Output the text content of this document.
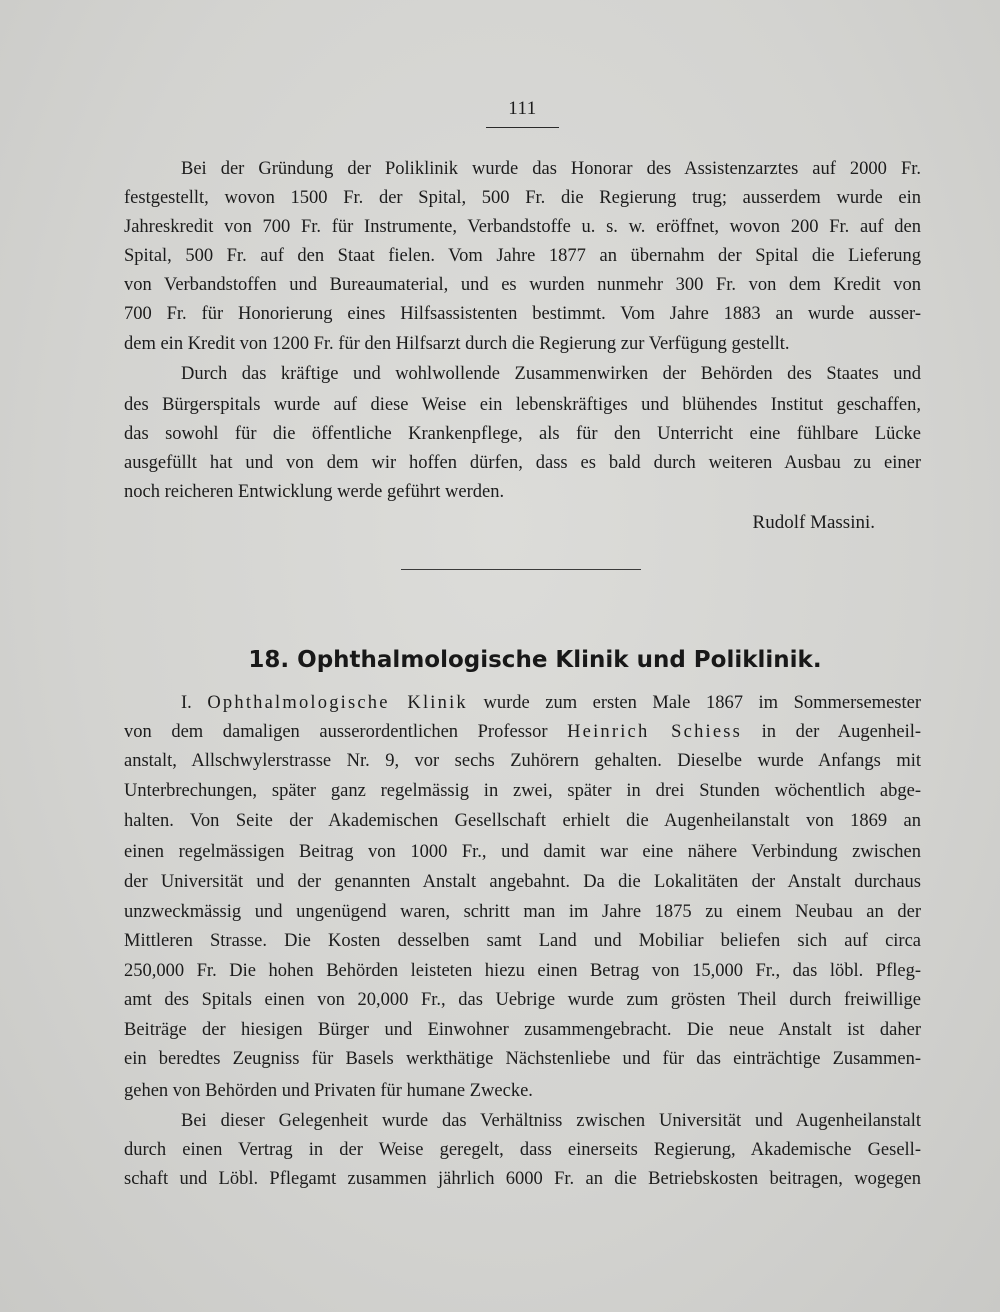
111
Bei der Gründung der Poliklinik wurde das Honorar des Assistenzarztes auf 2000 Fr.
festgestellt, wovon 1500 Fr. der Spital, 500 Fr. die Regierung trug; ausserdem wurde ein
Jahreskredit von 700 Fr. für Instrumente, Verbandstoffe u. s. w. eröffnet, wovon 200 Fr. auf den
Spital, 500 Fr. auf den Staat fielen. Vom Jahre 1877 an übernahm der Spital die Lieferung
von Verbandstoffen und Bureaumaterial, und es wurden nunmehr 300 Fr. von dem Kredit von
700 Fr. für Honorierung eines Hilfsassistenten bestimmt. Vom Jahre 1883 an wurde ausser-
dem ein Kredit von 1200 Fr. für den Hilfsarzt durch die Regierung zur Verfügung gestellt.
Durch das kräftige und wohlwollende Zusammenwirken der Behörden des Staates und
des Bürgerspitals wurde auf diese Weise ein lebenskräftiges und blühendes Institut geschaffen,
das sowohl für die öffentliche Krankenpflege, als für den Unterricht eine fühlbare Lücke
ausgefüllt hat und von dem wir hoffen dürfen, dass es bald durch weiteren Ausbau zu einer
noch reicheren Entwicklung werde geführt werden.
Rudolf Massini.
18. Ophthalmologische Klinik und Poliklinik.
I. Ophthalmologische Klinik wurde zum ersten Male 1867 im Sommersemester
von dem damaligen ausserordentlichen Professor Heinrich Schiess in der Augenheil-
anstalt, Allschwylerstrasse Nr. 9, vor sechs Zuhörern gehalten. Dieselbe wurde Anfangs mit
Unterbrechungen, später ganz regelmässig in zwei, später in drei Stunden wöchentlich abge-
halten. Von Seite der Akademischen Gesellschaft erhielt die Augenheilanstalt von 1869 an
einen regelmässigen Beitrag von 1000 Fr., und damit war eine nähere Verbindung zwischen
der Universität und der genannten Anstalt angebahnt. Da die Lokalitäten der Anstalt durchaus
unzweckmässig und ungenügend waren, schritt man im Jahre 1875 zu einem Neubau an der
Mittleren Strasse. Die Kosten desselben samt Land und Mobiliar beliefen sich auf circa
250,000 Fr. Die hohen Behörden leisteten hiezu einen Betrag von 15,000 Fr., das löbl. Pfleg-
amt des Spitals einen von 20,000 Fr., das Uebrige wurde zum grösten Theil durch freiwillige
Beiträge der hiesigen Bürger und Einwohner zusammengebracht. Die neue Anstalt ist daher
ein beredtes Zeugniss für Basels werkthätige Nächstenliebe und für das einträchtige Zusammen-
gehen von Behörden und Privaten für humane Zwecke.
Bei dieser Gelegenheit wurde das Verhältniss zwischen Universität und Augenheilanstalt
durch einen Vertrag in der Weise geregelt, dass einerseits Regierung, Akademische Gesell-
schaft und Löbl. Pflegamt zusammen jährlich 6000 Fr. an die Betriebskosten beitragen, wogegen
